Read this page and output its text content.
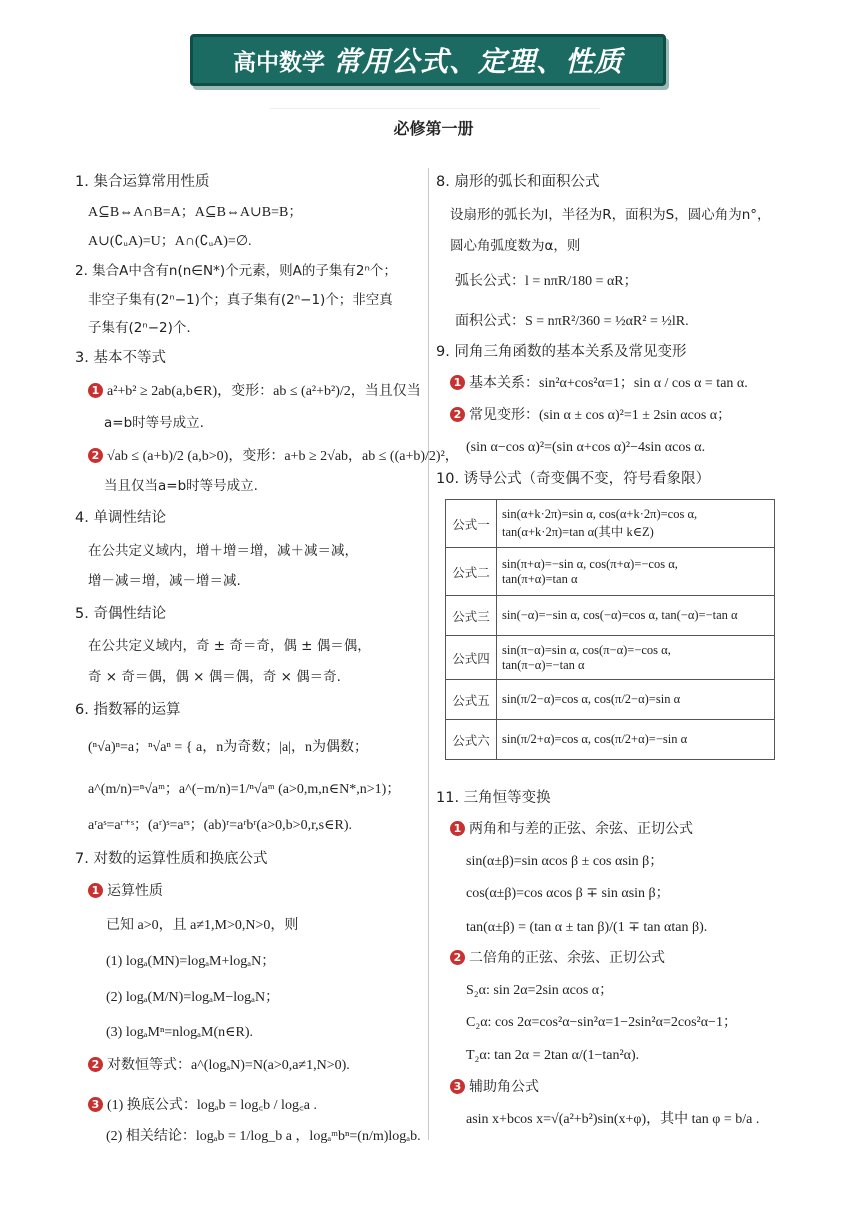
高中数学 常用公式、定理、性质
必修第一册
1. 集合运算常用性质
A⊆B⇔A∩B=A；A⊆B⇔A∪B=B；
A∪(∁ᵤA)=U；A∩(∁ᵤA)=∅.
2. 集合A中含有n(n∈N*)个元素，则A的子集有2ⁿ个；
非空子集有(2ⁿ−1)个；真子集有(2ⁿ−1)个；非空真
子集有(2ⁿ−2)个.
3. 基本不等式
1 a²+b² ≥ 2ab(a,b∈R)，变形：ab ≤ (a²+b²)/2，当且仅当
a=b时等号成立.
2 √ab ≤ (a+b)/2 (a,b>0)，变形：a+b ≥ 2√ab，ab ≤ ((a+b)/2)²，
当且仅当a=b时等号成立.
4. 单调性结论
在公共定义域内，增＋增＝增，减＋减＝减，
增－减＝增，减－增＝减.
5. 奇偶性结论
在公共定义域内，奇 ± 奇＝奇，偶 ± 偶＝偶，
奇 × 奇＝偶，偶 × 偶＝偶，奇 × 偶＝奇.
6. 指数幂的运算
(ⁿ√a)ⁿ=a；ⁿ√aⁿ = { a，n为奇数；|a|，n为偶数；
a^(m/n)=ⁿ√aᵐ；a^(−m/n)=1/ⁿ√aᵐ (a>0,m,n∈N*,n>1)；
aʳaˢ=aʳ⁺ˢ；(aʳ)ˢ=aʳˢ；(ab)ʳ=aʳbʳ(a>0,b>0,r,s∈R).
7. 对数的运算性质和换底公式
1 运算性质
已知 a>0，且 a≠1,M>0,N>0，则
(1) logₐ(MN)=logₐM+logₐN；
(2) logₐ(M/N)=logₐM−logₐN；
(3) logₐMⁿ=nlogₐM(n∈R).
2 对数恒等式：a^(logₐN)=N(a>0,a≠1,N>0).
3 (1) 换底公式：logₐb = log꜀b / log꜀a .
(2) 相关结论：logₐb = 1/log_b a ，logₐᵐbⁿ=(n/m)logₐb.
8. 扇形的弧长和面积公式
设扇形的弧长为l，半径为R，面积为S，圆心角为n°，
圆心角弧度数为α，则
弧长公式：l = nπR/180 = αR；
面积公式：S = nπR²/360 = ½αR² = ½lR.
9. 同角三角函数的基本关系及常见变形
1 基本关系：sin²α+cos²α=1；sin α / cos α = tan α.
2 常见变形：(sin α ± cos α)²=1 ± 2sin αcos α；
(sin α−cos α)²=(sin α+cos α)²−4sin αcos α.
10. 诱导公式（奇变偶不变，符号看象限）
公式一	sin(α+k·2π)=sin α, cos(α+k·2π)=cos α,
tan(α+k·2π)=tan α(其中 k∈Z)

公式二	sin(π+α)=−sin α, cos(π+α)=−cos α,
tan(π+α)=tan α

公式三	sin(−α)=−sin α, cos(−α)=cos α, tan(−α)=−tan α

公式四	sin(π−α)=sin α, cos(π−α)=−cos α,
tan(π−α)=−tan α

公式五	sin(π/2−α)=cos α, cos(π/2−α)=sin α

公式六	sin(π/2+α)=cos α, cos(π/2+α)=−sin α
11. 三角恒等变换
1 两角和与差的正弦、余弦、正切公式
sin(α±β)=sin αcos β ± cos αsin β；
cos(α±β)=cos αcos β ∓ sin αsin β；
tan(α±β) = (tan α ± tan β)/(1 ∓ tan αtan β).
2 二倍角的正弦、余弦、正切公式
S₂α: sin 2α=2sin αcos α；
C₂α: cos 2α=cos²α−sin²α=1−2sin²α=2cos²α−1；
T₂α: tan 2α = 2tan α/(1−tan²α).
3 辅助角公式
asin x+bcos x=√(a²+b²)sin(x+φ)，其中 tan φ = b/a .
